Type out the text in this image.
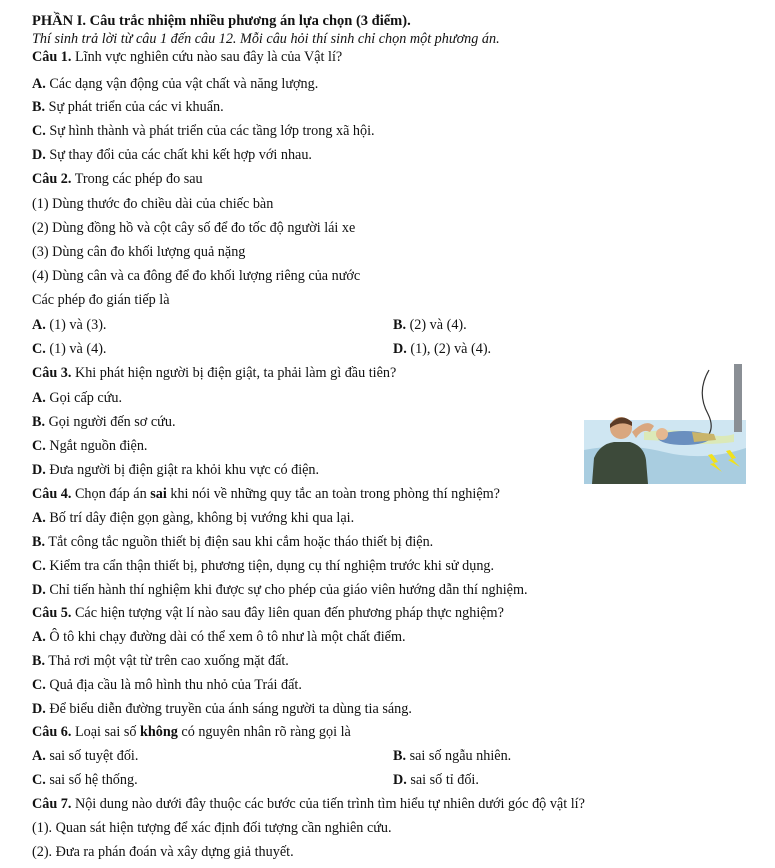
PHẦN I. Câu trắc nhiệm nhiều phương án lựa chọn (3 điểm).
Thí sinh trả lời từ câu 1 đến câu 12. Mỗi câu hỏi thí sinh chỉ chọn một phương án.
Câu 1. Lĩnh vực nghiên cứu nào sau đây là của Vật lí?
A. Các dạng vận động của vật chất và năng lượng.
B. Sự phát triển của các vi khuẩn.
C. Sự hình thành và phát triển của các tầng lớp trong xã hội.
D. Sự thay đổi của các chất khi kết hợp với nhau.
Câu 2. Trong các phép đo sau
(1) Dùng thước đo chiều dài của chiếc bàn
(2) Dùng đồng hồ và cột cây số để đo tốc độ người lái xe
(3) Dùng cân đo khối lượng quả nặng
(4) Dùng cân và ca đông để đo khối lượng riêng của nước
Các phép đo gián tiếp là
A. (1) và (3).	B. (2) và (4).
C. (1) và (4).	D. (1), (2) và (4).
Câu 3. Khi phát hiện người bị điện giật, ta phải làm gì đầu tiên?
A. Gọi cấp cứu.
B. Gọi người đến sơ cứu.
C. Ngắt nguồn điện.
D. Đưa người bị điện giật ra khỏi khu vực có điện.
Câu 4. Chọn đáp án sai khi nói về những quy tắc an toàn trong phòng thí nghiệm?
A. Bố trí dây điện gọn gàng, không bị vướng khi qua lại.
B. Tắt công tắc nguồn thiết bị điện sau khi cắm hoặc tháo thiết bị điện.
C. Kiểm tra cẩn thận thiết bị, phương tiện, dụng cụ thí nghiệm trước khi sử dụng.
D. Chỉ tiến hành thí nghiệm khi được sự cho phép của giáo viên hướng dẫn thí nghiệm.
Câu 5. Các hiện tượng vật lí nào sau đây liên quan đến phương pháp thực nghiệm?
A. Ô tô khi chạy đường dài có thể xem ô tô như là một chất điểm.
B. Thả rơi một vật từ trên cao xuống mặt đất.
C. Quả địa cầu là mô hình thu nhỏ của Trái đất.
D. Để biểu diễn đường truyền của ánh sáng người ta dùng tia sáng.
Câu 6. Loại sai số không có nguyên nhân rõ ràng gọi là
A. sai số tuyệt đối.	B. sai số ngẫu nhiên.
C. sai số hệ thống.	D. sai số tỉ đối.
Câu 7. Nội dung nào dưới đây thuộc các bước của tiến trình tìm hiểu tự nhiên dưới góc độ vật lí?
(1). Quan sát hiện tượng để xác định đối tượng cần nghiên cứu.
(2). Đưa ra phán đoán và xây dựng giả thuyết.
